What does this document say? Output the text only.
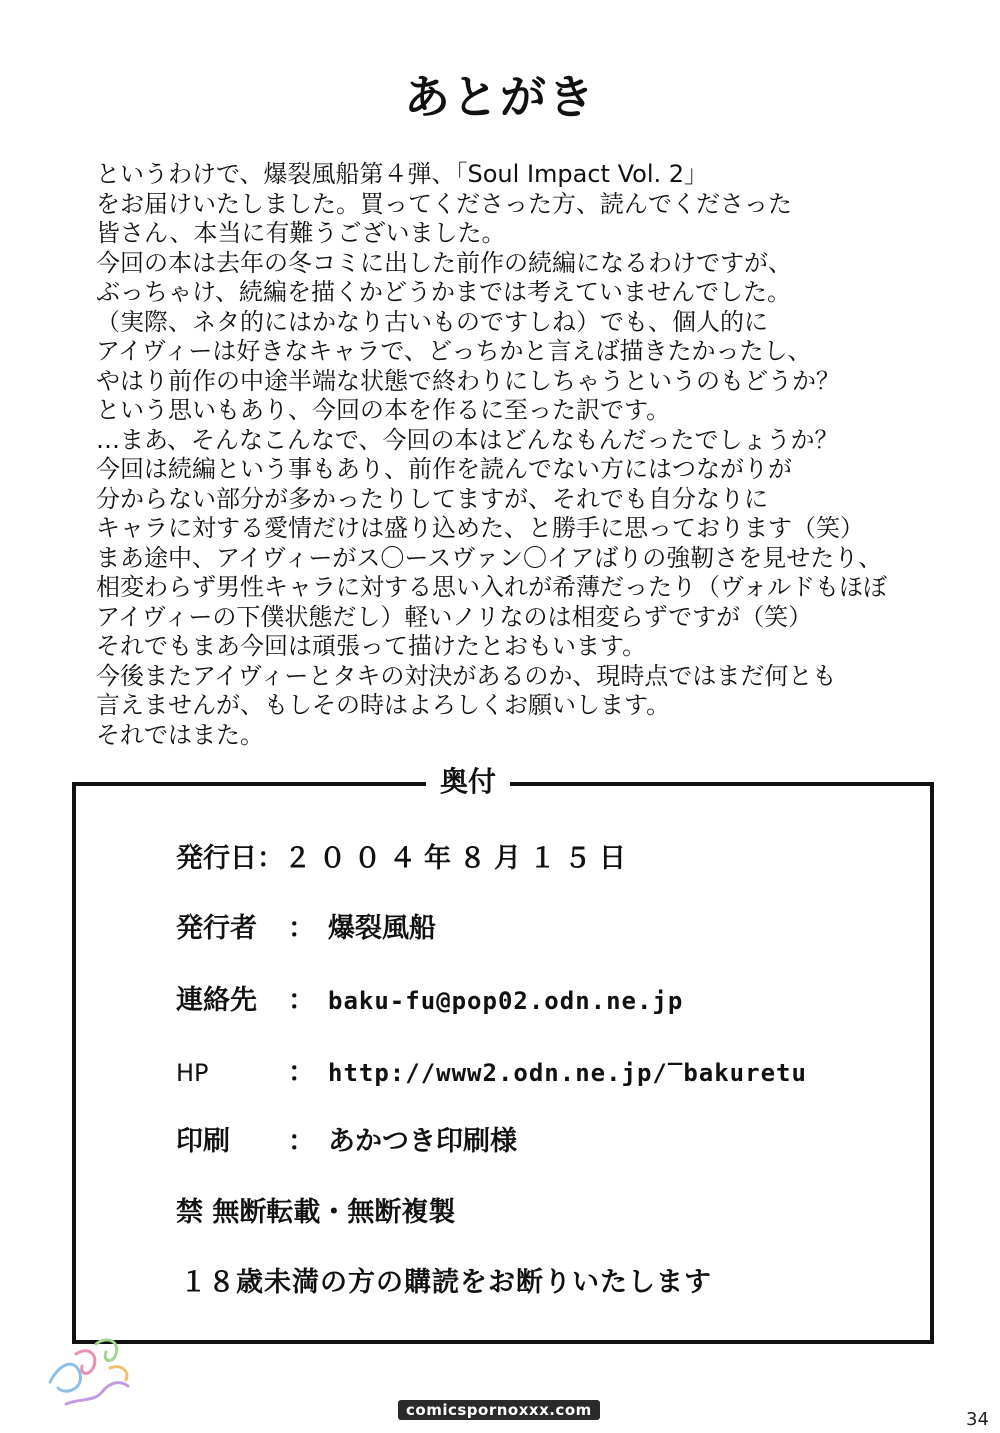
あとがき
というわけで、爆裂風船第４弾、「Soul Impact Vol. 2」
をお届けいたしました。買ってくださった方、読んでくださった
皆さん、本当に有難うございました。
今回の本は去年の冬コミに出した前作の続編になるわけですが、
ぶっちゃけ、続編を描くかどうかまでは考えていませんでした。
（実際、ネタ的にはかなり古いものですしね）でも、個人的に
アイヴィーは好きなキャラで、どっちかと言えば描きたかったし、
やはり前作の中途半端な状態で終わりにしちゃうというのもどうか？
という思いもあり、今回の本を作るに至った訳です。
…まあ、そんなこんなで、今回の本はどんなもんだったでしょうか？
今回は続編という事もあり、前作を読んでない方にはつながりが
分からない部分が多かったりしてますが、それでも自分なりに
キャラに対する愛情だけは盛り込めた、と勝手に思っております（笑）
まあ途中、アイヴィーがス〇ースヴァン〇イアばりの強靭さを見せたり、
相変わらず男性キャラに対する思い入れが希薄だったり（ヴォルドもほぼ
アイヴィーの下僕状態だし）軽いノリなのは相変らずですが（笑）
それでもまあ今回は頑張って描けたとおもいます。
今後またアイヴィーとタキの対決があるのか、現時点ではまだ何とも
言えませんが、もしその時はよろしくお願いします。
それではまた。
奥付
発行日：２００４年８月１５日
発行者 ： 爆裂風船
連絡先 ： baku-fu@pop02.odn.ne.jp
HP	： http://www2.odn.ne.jp/‾bakuretu
印刷 ： あかつき印刷様
禁 無断転載・無断複製
１８歳未満の方の購読をお断りいたします
comicspornoxxx.com	34
